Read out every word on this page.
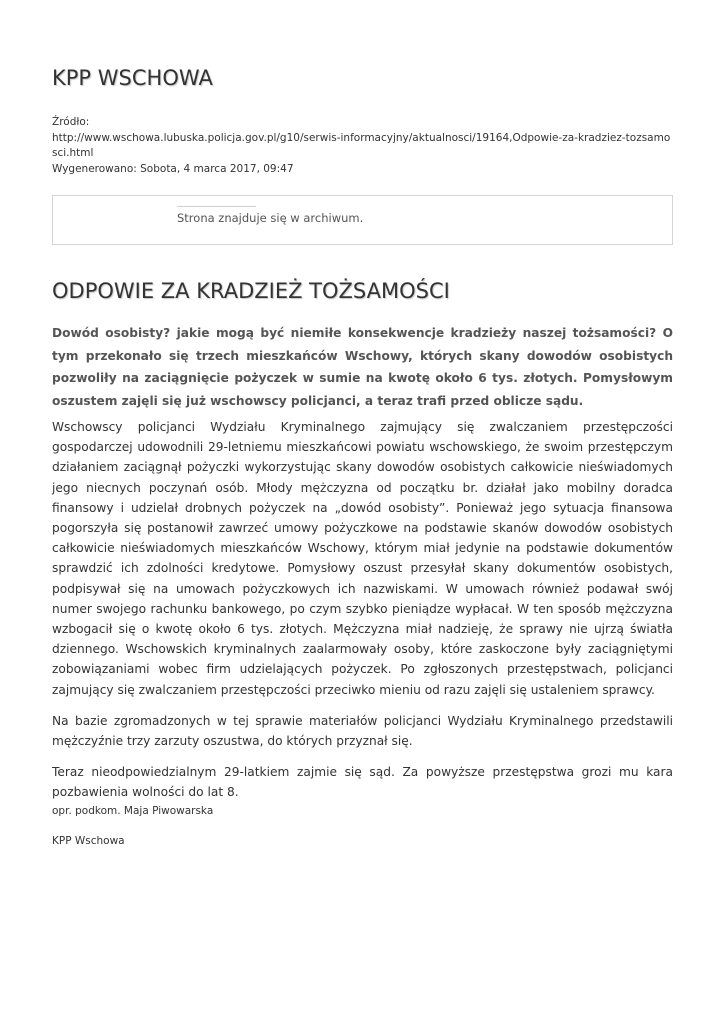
KPP WSCHOWA
Źródło:
http://www.wschowa.lubuska.policja.gov.pl/g10/serwis-informacyjny/aktualnosci/19164,Odpowie-za-kradziez-tozsamosci.html
Wygenerowano: Sobota, 4 marca 2017, 09:47
Strona znajduje się w archiwum.
ODPOWIE ZA KRADZIEŻ TOŻSAMOŚCI

Dowód osobisty? jakie mogą być niemiłe konsekwencje kradzieży naszej tożsamości? O tym przekonało się trzech mieszkańców Wschowy, których skany dowodów osobistych pozwoliły na zaciągnięcie pożyczek w sumie na kwotę około 6 tys. złotych. Pomysłowym oszustem zajęli się już wschowscy policjanci, a teraz trafi przed oblicze sądu.

Wschowscy policjanci Wydziału Kryminalnego zajmujący się zwalczaniem przestępczości gospodarczej udowodnili 29-letniemu mieszkańcowi powiatu wschowskiego, że swoim przestępczym działaniem zaciągnął pożyczki wykorzystując skany dowodów osobistych całkowicie nieświadomych jego niecnych poczynań osób. Młody mężczyzna od początku br. działał jako mobilny doradca finansowy i udzielał drobnych pożyczek na „dowód osobisty”. Ponieważ jego sytuacja finansowa pogorszyła się postanowił zawrzeć umowy pożyczkowe na podstawie skanów dowodów osobistych całkowicie nieświadomych mieszkańców Wschowy, którym miał jedynie na podstawie dokumentów sprawdzić ich zdolności kredytowe. Pomysłowy oszust przesyłał skany dokumentów osobistych, podpisywał się na umowach pożyczkowych ich nazwiskami. W umowach również podawał swój numer swojego rachunku bankowego, po czym szybko pieniądze wypłacał. W ten sposób mężczyzna wzbogacił się o kwotę około 6 tys. złotych. Mężczyzna miał nadzieję, że sprawy nie ujrzą światła dziennego. Wschowskich kryminalnych zaalarmowały osoby, które zaskoczone były zaciągniętymi zobowiązaniami wobec firm udzielających pożyczek. Po zgłoszonych przestępstwach, policjanci zajmujący się zwalczaniem przestępczości przeciwko mieniu od razu zajęli się ustaleniem sprawcy.

Na bazie zgromadzonych w tej sprawie materiałów policjanci Wydziału Kryminalnego przedstawili mężczyźnie trzy zarzuty oszustwa, do których przyznał się.

Teraz nieodpowiedzialnym 29-latkiem zajmie się sąd. Za powyższe przestępstwa grozi mu kara pozbawienia wolności do lat 8.

opr. podkom. Maja Piwowarska
KPP Wschowa
